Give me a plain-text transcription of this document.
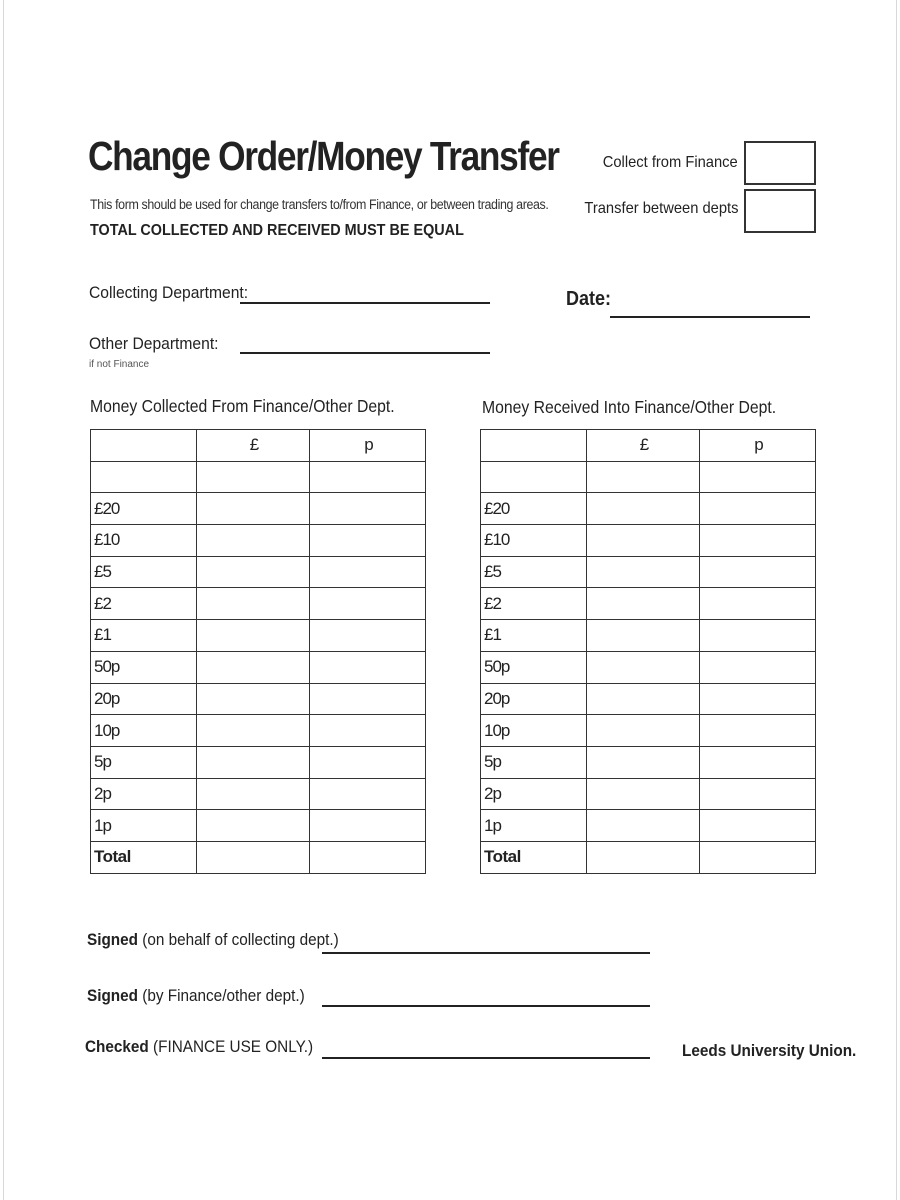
Change Order/Money Transfer
This form should be used for change transfers to/from Finance, or between trading areas.
TOTAL COLLECTED AND RECEIVED MUST BE EQUAL
Collect from Finance
Transfer between depts
Collecting Department:	Date:
Other Department:
if not Finance
Money Collected From Finance/Other Dept.	Money Received Into Finance/Other Dept.
	£	p

£20		
£10		
£5		
£2		
£1		
50p		
20p		
10p		
5p		
2p		
1p		
Total		
	£	p

£20		
£10		
£5		
£2		
£1		
50p		
20p		
10p		
5p		
2p		
1p		
Total		
Signed (on behalf of collecting dept.)
Signed (by Finance/other dept.)
Checked (FINANCE USE ONLY.)	Leeds University Union.
